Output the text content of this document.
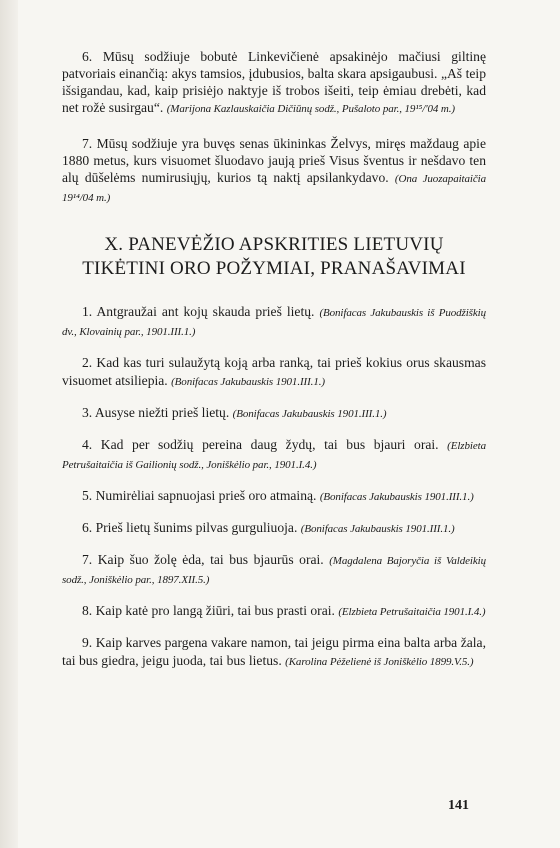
6. Mūsų sodžiuje bobutė Linkevičienė apsakinėjo mačiusi giltinę patvoriais einančią: akys tamsios, įdubusios, balta skara apsigaubusi. „Aš teip išsigandau, kad, kaip prisiėjo naktyje iš trobos išeiti, teip ėmiau drebėti, kad net rožė susirgau“. (Marijona Kazlauskaičia Dičiūnų sodž., Pušaloto par., 19¹⁵/'04 m.)

7. Mūsų sodžiuje yra buvęs senas ūkininkas Želvys, miręs maždaug apie 1880 metus, kurs visuomet šluodavo jaują prieš Visus šventus ir nešdavo ten alų dūšelėms numirusiųjų, kurios tą naktį apsilankydavo. (Ona Juozapaitaičia 19¹⁴/04 m.)

X. PANEVĖŽIO APSKRITIES LIETUVIŲ
TIKĖTINI ORO POŽYMIAI, PRANAŠAVIMAI

1. Antgraužai ant kojų skauda prieš lietų. (Bonifacas Jakubauskis iš Puodžiškių dv., Klovainių par., 1901.III.1.)

2. Kad kas turi sulaužytą koją arba ranką, tai prieš kokius orus skausmas visuomet atsiliepia. (Bonifacas Jakubauskis 1901.III.1.)

3. Ausyse niežti prieš lietų. (Bonifacas Jakubauskis 1901.III.1.)

4. Kad per sodžių pereina daug žydų, tai bus bjauri orai. (Elzbieta Petrušaitaičia iš Gailionių sodž., Joniškėlio par., 1901.I.4.)

5. Numirėliai sapnuojasi prieš oro atmainą. (Bonifacas Jakubauskis 1901.III.1.)

6. Prieš lietų šunims pilvas gurguliuoja. (Bonifacas Jakubauskis 1901.III.1.)

7. Kaip šuo žolę ėda, tai bus bjaurūs orai. (Magdalena Bajoryčia iš Valdeikių sodž., Joniškėlio par., 1897.XII.5.)

8. Kaip katė pro langą žiūri, tai bus prasti orai. (Elzbieta Petrušaitaičia 1901.I.4.)

9. Kaip karves pargena vakare namon, tai jeigu pirma eina balta arba žala, tai bus giedra, jeigu juoda, tai bus lietus. (Karolina Pėželienė iš Joniškėlio 1899.V.5.)

141
